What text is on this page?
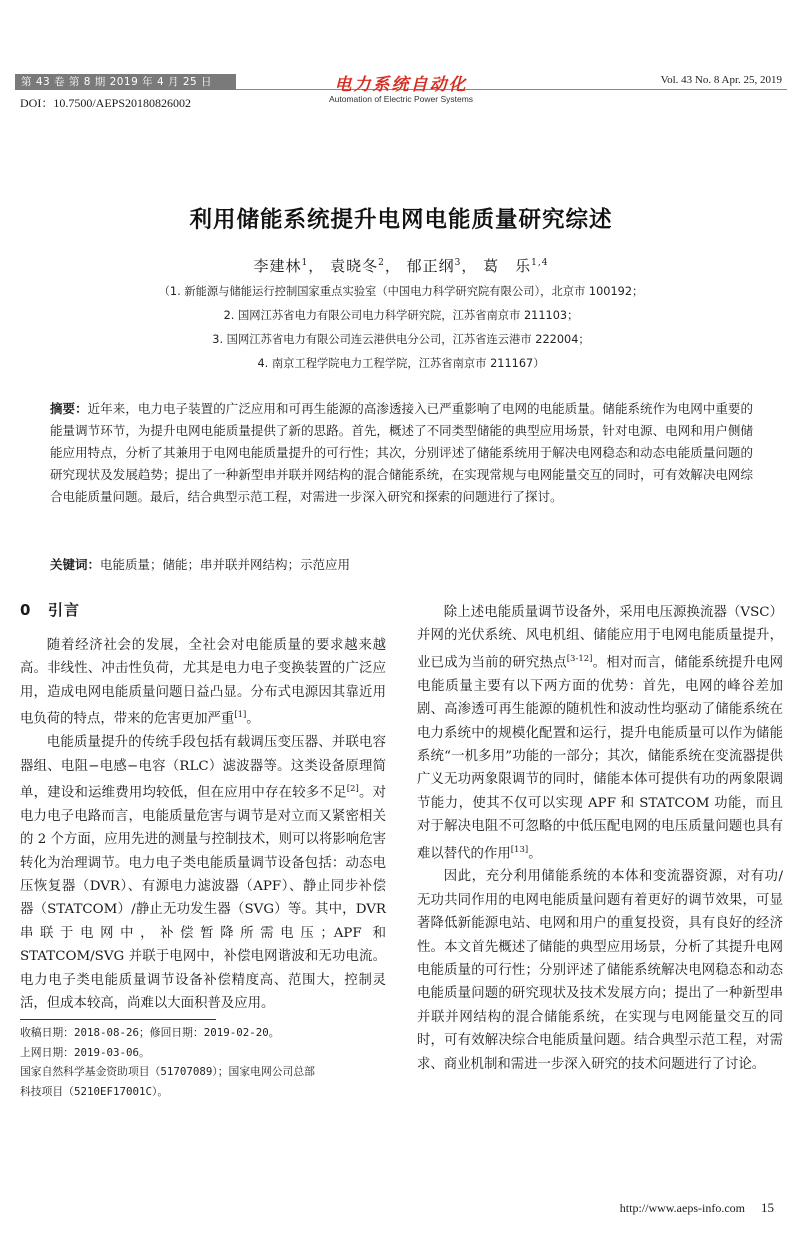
第 43 卷 第 8 期 2019 年 4 月 25 日	电力系统自动化
Automation of Electric Power Systems
Vol. 43 No. 8 Apr. 25, 2019
DOI：10.7500/AEPS20180826002
利用储能系统提升电网电能质量研究综述
李建林$^1$， 袁晓冬$^2$， 郁正纲$^3$， 葛　乐$^{1,4}$
（1. 新能源与储能运行控制国家重点实验室（中国电力科学研究院有限公司），北京市 100192；
2. 国网江苏省电力有限公司电力科学研究院，江苏省南京市 211103；
3. 国网江苏省电力有限公司连云港供电分公司，江苏省连云港市 222004；
4. 南京工程学院电力工程学院，江苏省南京市 211167）
摘要：近年来，电力电子装置的广泛应用和可再生能源的高渗透接入已严重影响了电网的电能质量。储能系统作为电网中重要的能量调节环节，为提升电网电能质量提供了新的思路。首先，概述了不同类型储能的典型应用场景，针对电源、电网和用户侧储能应用特点，分析了其兼用于电网电能质量提升的可行性；其次，分别评述了储能系统用于解决电网稳态和动态电能质量问题的研究现状及发展趋势；提出了一种新型串并联并网结构的混合储能系统，在实现常规与电网能量交互的同时，可有效解决电网综合电能质量问题。最后，结合典型示范工程，对需进一步深入研究和探索的问题进行了探讨。
关键词：电能质量；储能；串并联并网结构；示范应用
0 引言

随着经济社会的发展，全社会对电能质量的要求越来越高。非线性、冲击性负荷，尤其是电力电子变换装置的广泛应用，造成电网电能质量问题日益凸显。分布式电源因其靠近用电负荷的特点，带来的危害更加严重[1]。

电能质量提升的传统手段包括有载调压变压器、并联电容器组、电阻−电感−电容（RLC）滤波器等。这类设备原理简单，建设和运维费用均较低，但在应用中存在较多不足[2]。对电力电子电路而言，电能质量危害与调节是对立而又紧密相关的 2 个方面，应用先进的测量与控制技术，则可以将影响危害转化为治理调节。电力电子类电能质量调节设备包括：动态电压恢复器（DVR）、有源电力滤波器（APF）、静止同步补偿器（STATCOM）/静止无功发生器（SVG）等。其中，DVR 串联于电网中，补偿暂降所需电压；APF 和 STATCOM/SVG 并联于电网中，补偿电网谐波和无功电流。电力电子类电能质量调节设备补偿精度高、范围大，控制灵活，但成本较高，尚难以大面积普及应用。

除上述电能质量调节设备外，采用电压源换流器（VSC）并网的光伏系统、风电机组、储能应用于电网电能质量提升，业已成为当前的研究热点[3-12]。相对而言，储能系统提升电网电能质量主要有以下两方面的优势：首先，电网的峰谷差加剧、高渗透可再生能源的随机性和波动性均驱动了储能系统在电力系统中的规模化配置和运行，提升电能质量可以作为储能系统“一机多用”功能的一部分；其次，储能系统在变流器提供广义无功两象限调节的同时，储能本体可提供有功的两象限调节能力，使其不仅可以实现 APF 和 STATCOM 功能，而且对于解决电阻不可忽略的中低压配电网的电压质量问题也具有难以替代的作用[13]。

因此，充分利用储能系统的本体和变流器资源，对有功/无功共同作用的电网电能质量问题有着更好的调节效果，可显著降低新能源电站、电网和用户的重复投资，具有良好的经济性。本文首先概述了储能的典型应用场景，分析了其提升电网电能质量的可行性；分别评述了储能系统解决电网稳态和动态电能质量问题的研究现状及技术发展方向；提出了一种新型串并联并网结构的混合储能系统，在实现与电网能量交互的同时，可有效解决综合电能质量问题。结合典型示范工程，对需求、商业机制和需进一步深入研究的技术问题进行了讨论。

收稿日期：2018-08-26；修回日期：2019-02-20。
上网日期：2019-03-06。
国家自然科学基金资助项目（51707089）；国家电网公司总部
科技项目（5210EF17001C）。
http://www.aeps-info.com 15
